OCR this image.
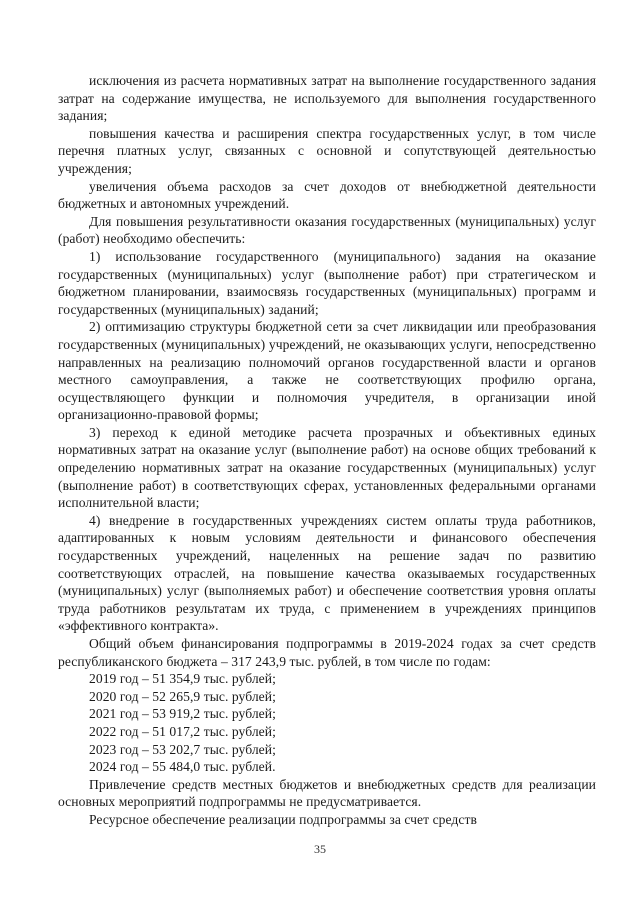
исключения из расчета нормативных затрат на выполнение государственного задания затрат на содержание имущества, не используемого для выполнения государственного задания;

повышения качества и расширения спектра государственных услуг, в том числе перечня платных услуг, связанных с основной и сопутствующей деятельностью учреждения;

увеличения объема расходов за счет доходов от внебюджетной деятельности бюджетных и автономных учреждений.

Для повышения результативности оказания государственных (муниципальных) услуг (работ) необходимо обеспечить:

1) использование государственного (муниципального) задания на оказание государственных (муниципальных) услуг (выполнение работ) при стратегическом и бюджетном планировании, взаимосвязь государственных (муниципальных) программ и государственных (муниципальных) заданий;

2) оптимизацию структуры бюджетной сети за счет ликвидации или преобразования государственных (муниципальных) учреждений, не оказывающих услуги, непосредственно направленных на реализацию полномочий органов государственной власти и органов местного самоуправления, а также не соответствующих профилю органа, осуществляющего функции и полномочия учредителя, в организации иной организационно-правовой формы;

3) переход к единой методике расчета прозрачных и объективных единых нормативных затрат на оказание услуг (выполнение работ) на основе общих требований к определению нормативных затрат на оказание государственных (муниципальных) услуг (выполнение работ) в соответствующих сферах, установленных федеральными органами исполнительной власти;

4) внедрение в государственных учреждениях систем оплаты труда работников, адаптированных к новым условиям деятельности и финансового обеспечения государственных учреждений, нацеленных на решение задач по развитию соответствующих отраслей, на повышение качества оказываемых государственных (муниципальных) услуг (выполняемых работ) и обеспечение соответствия уровня оплаты труда работников результатам их труда, с применением в учреждениях принципов «эффективного контракта».

Общий объем финансирования подпрограммы в 2019-2024 годах за счет средств республиканского бюджета – 317 243,9 тыс. рублей, в том числе по годам:

2019 год – 51 354,9 тыс. рублей;

2020 год – 52 265,9 тыс. рублей;

2021 год – 53 919,2 тыс. рублей;

2022 год – 51 017,2 тыс. рублей;

2023 год – 53 202,7 тыс. рублей;

2024 год – 55 484,0 тыс. рублей.

Привлечение средств местных бюджетов и внебюджетных средств для реализации основных мероприятий подпрограммы не предусматривается.

Ресурсное обеспечение реализации подпрограммы за счет средств

35
